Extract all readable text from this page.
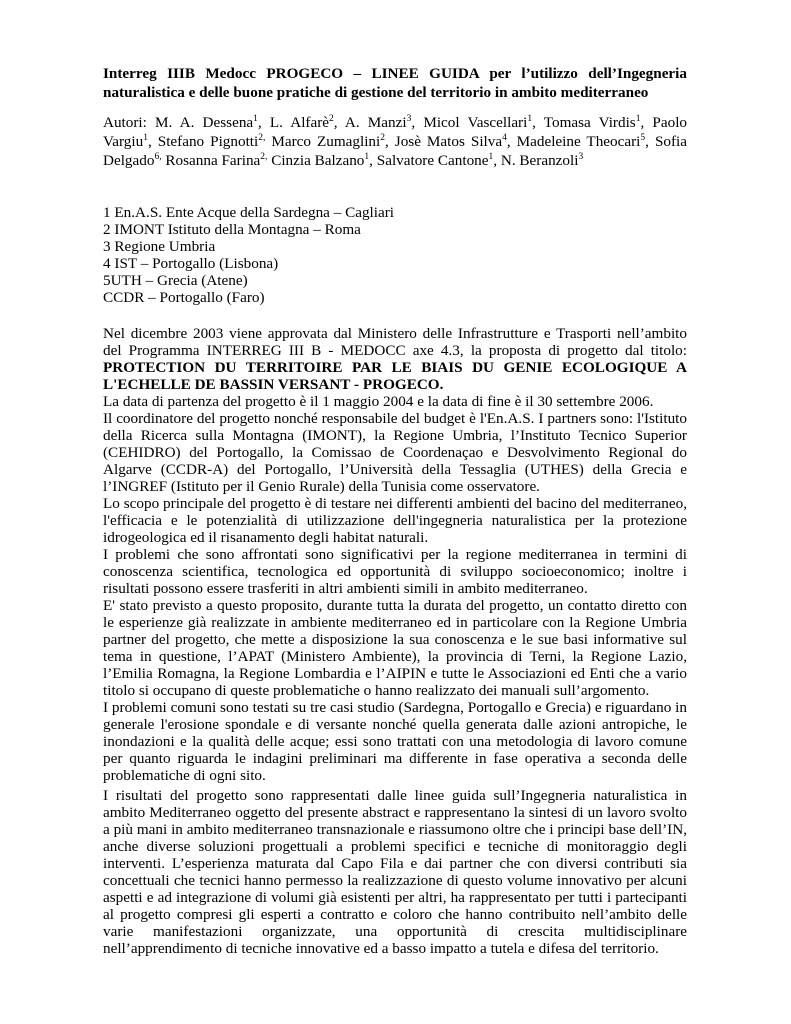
Interreg IIIB Medocc PROGECO – LINEE GUIDA per l’utilizzo dell’Ingegneria naturalistica e delle buone pratiche di gestione del territorio in ambito mediterraneo
Autori: M. A. Dessena$^1$, L. Alfarè$^2$, A. Manzi$^3$, Micol Vascellari$^1$, Tomasa Virdis$^1$, Paolo Vargiu$^1$, Stefano Pignotti$^{2,}$ Marco Zumaglini$^2$, Josè Matos Silva$^4$, Madeleine Theocari$^5$, Sofia Delgado$^{6,}$ Rosanna Farina$^{2,}$ Cinzia Balzano$^1$, Salvatore Cantone$^1$, N. Beranzoli$^3$
1 En.A.S. Ente Acque della Sardegna – Cagliari
2 IMONT Istituto della Montagna – Roma
3 Regione Umbria
4 IST – Portogallo (Lisbona)
5UTH – Grecia (Atene)
CCDR – Portogallo (Faro)

Nel dicembre 2003 viene approvata dal Ministero delle Infrastrutture e Trasporti nell’ambito del Programma INTERREG III B - MEDOCC axe 4.3, la proposta di progetto dal titolo: PROTECTION DU TERRITOIRE PAR LE BIAIS DU GENIE ECOLOGIQUE A L'ECHELLE DE BASSIN VERSANT - PROGECO.

La data di partenza del progetto è il 1 maggio 2004 e la data di fine è il 30 settembre 2006.

Il coordinatore del progetto nonché responsabile del budget è l'En.A.S. I partners sono: l'Istituto della Ricerca sulla Montagna (IMONT), la Regione Umbria, l’Instituto Tecnico Superior (CEHIDRO) del Portogallo, la Comissao de Coordenaçao e Desvolvimento Regional do Algarve (CCDR-A) del Portogallo, l’Università della Tessaglia (UTHES) della Grecia e l’INGREF (Istituto per il Genio Rurale) della Tunisia come osservatore.

Lo scopo principale del progetto è di testare nei differenti ambienti del bacino del mediterraneo, l'efficacia e le potenzialità di utilizzazione dell'ingegneria naturalistica per la protezione idrogeologica ed il risanamento degli habitat naturali.

I problemi che sono affrontati sono significativi per la regione mediterranea in termini di conoscenza scientifica, tecnologica ed opportunità di sviluppo socioeconomico; inoltre i risultati possono essere trasferiti in altri ambienti simili in ambito mediterraneo.

E' stato previsto a questo proposito, durante tutta la durata del progetto, un contatto diretto con le esperienze già realizzate in ambiente mediterraneo ed in particolare con la Regione Umbria partner del progetto, che mette a disposizione la sua conoscenza e le sue basi informative sul tema in questione, l’APAT (Ministero Ambiente), la provincia di Terni, la Regione Lazio, l’Emilia Romagna, la Regione Lombardia e l’AIPIN e tutte le Associazioni ed Enti che a vario titolo si occupano di queste problematiche o hanno realizzato dei manuali sull’argomento.

I problemi comuni sono testati su tre casi studio (Sardegna, Portogallo e Grecia) e riguardano in generale l'erosione spondale e di versante nonché quella generata dalle azioni antropiche, le inondazioni e la qualità delle acque; essi sono trattati con una metodologia di lavoro comune per quanto riguarda le indagini preliminari ma differente in fase operativa a seconda delle problematiche di ogni sito.

I risultati del progetto sono rappresentati dalle linee guida sull’Ingegneria naturalistica in ambito Mediterraneo oggetto del presente abstract e rappresentano la sintesi di un lavoro svolto a più mani in ambito mediterraneo transnazionale e riassumono oltre che i principi base dell’IN, anche diverse soluzioni progettuali a problemi specifici e tecniche di monitoraggio degli interventi. L’esperienza maturata dal Capo Fila e dai partner che con diversi contributi sia concettuali che tecnici hanno permesso la realizzazione di questo volume innovativo per alcuni aspetti e ad integrazione di volumi già esistenti per altri, ha rappresentato per tutti i partecipanti al progetto compresi gli esperti a contratto e coloro che hanno contribuito nell’ambito delle varie manifestazioni organizzate, una opportunità di crescita multidisciplinare nell’apprendimento di tecniche innovative ed a basso impatto a tutela e difesa del territorio.
